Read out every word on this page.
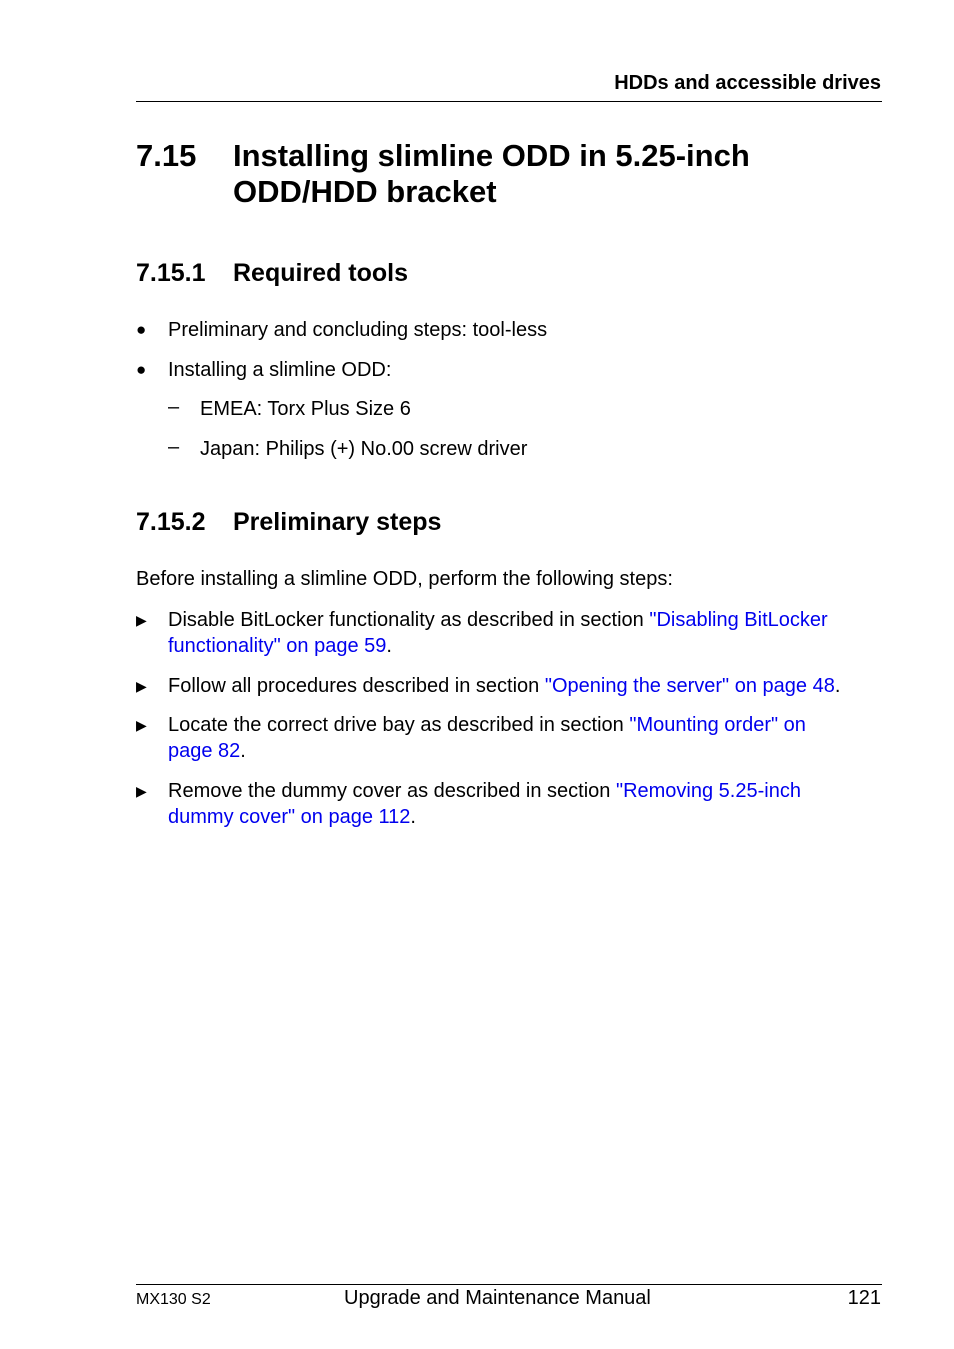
HDDs and accessible drives
7.15 Installing slimline ODD in 5.25-inch
ODD/HDD bracket
7.15.1 Required tools
● Preliminary and concluding steps: tool-less
● Installing a slimline ODD:
– EMEA: Torx Plus Size 6
– Japan: Philips (+) No.00 screw driver
7.15.2 Preliminary steps
Before installing a slimline ODD, perform the following steps:
▶ Disable BitLocker functionality as described in section "Disabling BitLocker
functionality" on page 59.
▶ Follow all procedures described in section "Opening the server" on page 48.
▶ Locate the correct drive bay as described in section "Mounting order" on
page 82.
▶ Remove the dummy cover as described in section "Removing 5.25-inch
dummy cover" on page 112.
MX130 S2	Upgrade and Maintenance Manual	121
